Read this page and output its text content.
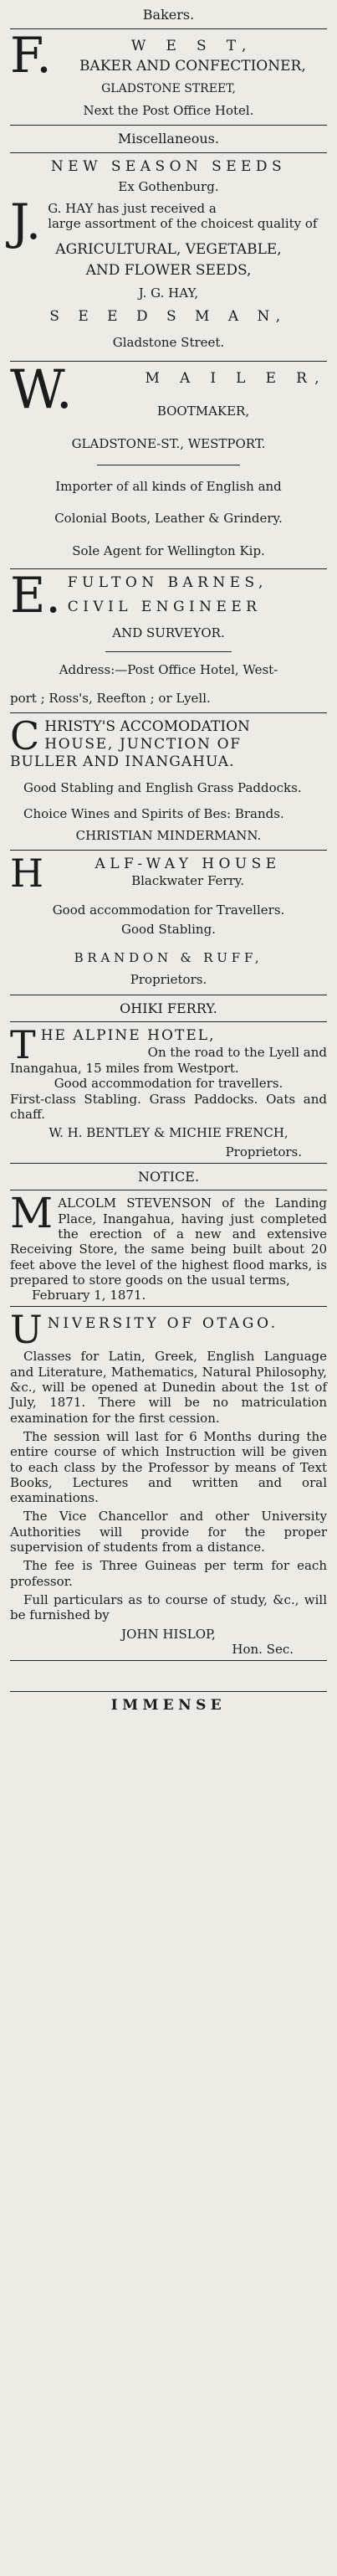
Bakers.
F.	W E S T,
BAKER AND CONFECTIONER,
GLADSTONE STREET,
Next the Post Office Hotel.
Miscellaneous.
NEW SEASON SEEDS
Ex Gothenburg.
J. G. HAY has just received a
large assortment of the choicest quality of
AGRICULTURAL, VEGETABLE,
AND FLOWER SEEDS,
J. G. HAY,
S E E D S M A N,
Gladstone Street.
W.	M A I L E R,
BOOTMAKER,
GLADSTONE-ST., WESTPORT.
Importer of all kinds of English and
Colonial Boots, Leather & Grindery.
Sole Agent for Wellington Kip.
E. FULTON BARNES,
CIVIL ENGINEER
AND SURVEYOR.
Address:—Post Office Hotel, West-
port ; Ross's, Reefton ; or Lyell.
C HRISTY'S ACCOMODATION
HOUSE, JUNCTION OF
BULLER AND INANGAHUA.
Good Stabling and English Grass Paddocks.
Choice Wines and Spirits of Bes: Brands.
CHRISTIAN MINDERMANN.
H	ALF-WAY HOUSE
Blackwater Ferry.
Good accommodation for Travellers.
Good Stabling.
BRANDON & RUFF,
Proprietors.
OHIKI FERRY.
T HE ALPINE HOTEL,
On the road to the Lyell and
Inangahua, 15 miles from Westport.
Good accommodation for travellers.
First-class Stabling. Grass Paddocks. Oats and chaff.
W. H. BENTLEY & MICHIE FRENCH,
Proprietors.
NOTICE.
M ALCOLM STEVENSON of the Landing Place, Inangahua, having just completed the erection of a new and extensive Receiving Store, the same being built about 20 feet above the level of the highest flood marks, is prepared to store goods on the usual terms,
February 1, 1871.
U NIVERSITY OF OTAGO.
Classes for Latin, Greek, English Language and Literature, Mathematics, Natural Philosophy, &c., will be opened at Dunedin about the 1st of July, 1871. There will be no matriculation examination for the first cession.
The session will last for 6 Months during the entire course of which Instruction will be given to each class by the Professor by means of Text Books, Lectures and written and oral examinations.
The Vice Chancellor and other University Authorities will provide for the proper supervision of students from a distance.
The fee is Three Guineas per term for each professor.
Full particulars as to course of study, &c., will be furnished by
JOHN HISLOP,
Hon. Sec.
IMMENSE
